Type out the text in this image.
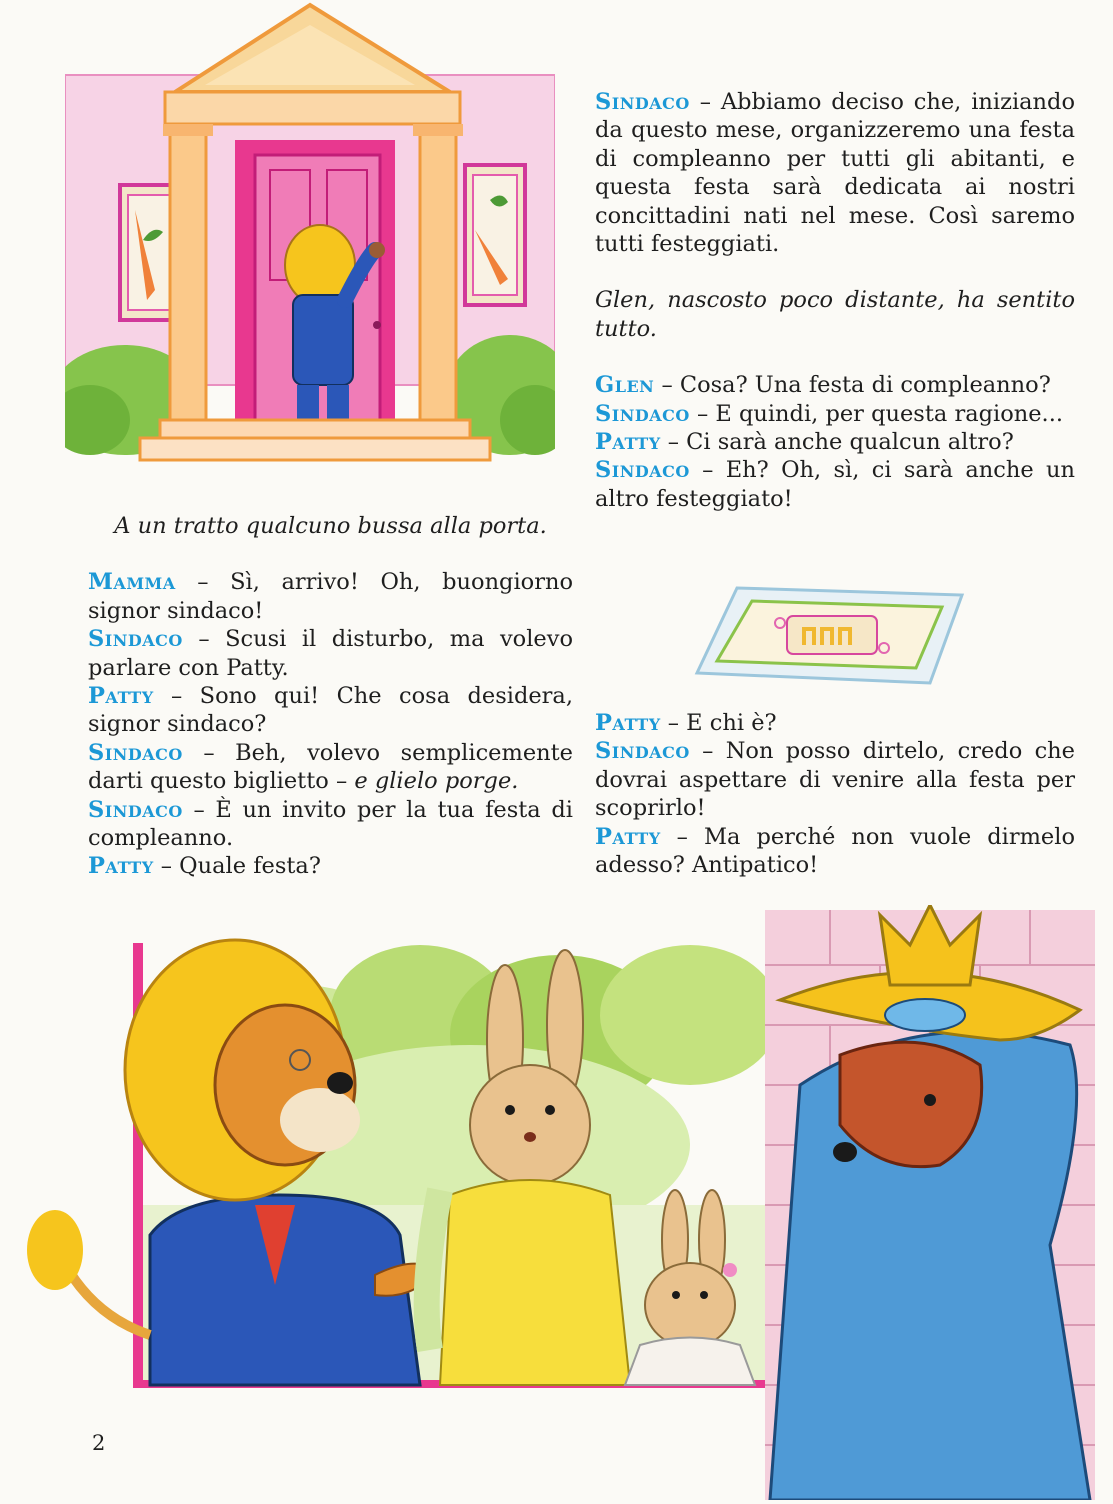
A un tratto qualcuno bussa alla porta.

Mamma – Sì, arrivo! Oh, buongiorno signor sindaco!

Sindaco – Scusi il disturbo, ma volevo parlare con Patty.

Patty – Sono qui! Che cosa desidera, signor sindaco?

Sindaco – Beh, volevo semplicemente darti questo biglietto – e glielo porge.

Sindaco – È un invito per la tua festa di compleanno.

Patty – Quale festa?

Sindaco – Abbiamo deciso che, iniziando da questo mese, organizzeremo una festa di compleanno per tutti gli abitanti, e questa festa sarà dedicata ai nostri concittadini nati nel mese. Così saremo tutti festeggiati.

Glen, nascosto poco distante, ha sentito tutto.

Glen – Cosa? Una festa di compleanno?

Sindaco – E quindi, per questa ragione...

Patty – Ci sarà anche qualcun altro?

Sindaco – Eh? Oh, sì, ci sarà anche un altro festeggiato!

Patty – E chi è?

Sindaco – Non posso dirtelo, credo che dovrai aspettare di venire alla festa per scoprirlo!

Patty – Ma perché non vuole dirmelo adesso? Antipatico!

2
